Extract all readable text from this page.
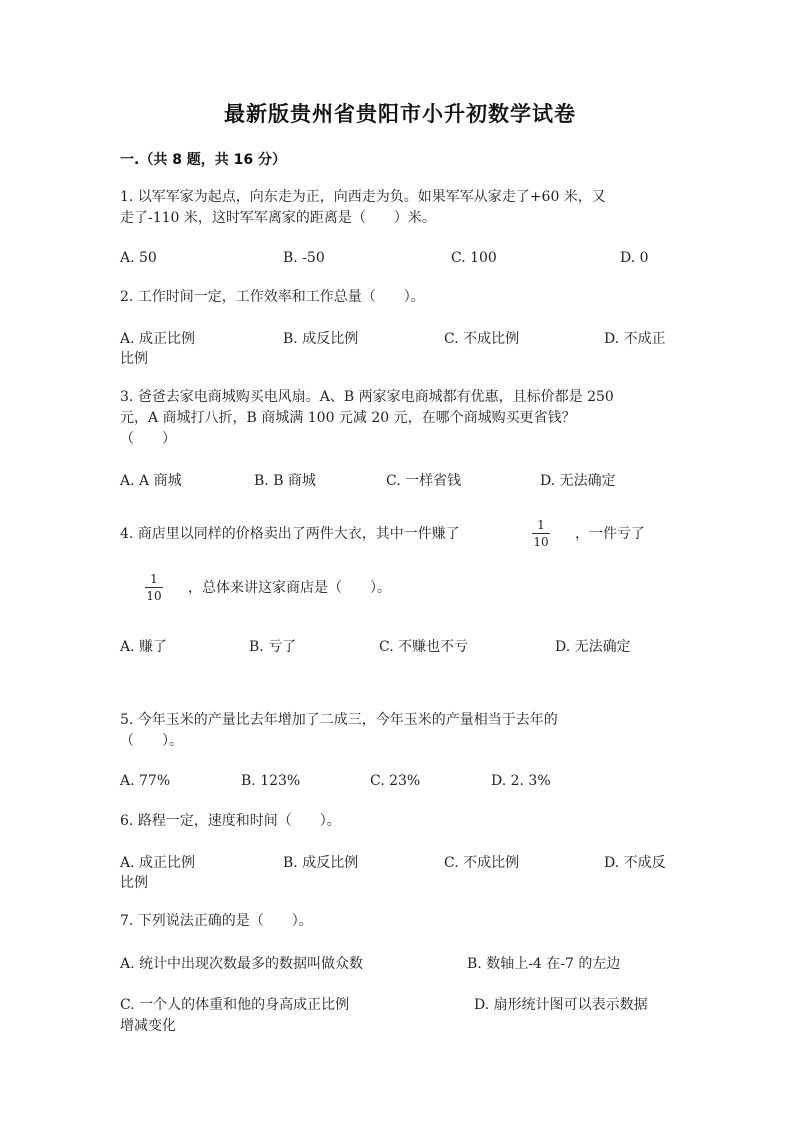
最新版贵州省贵阳市小升初数学试卷
一.（共 8 题，共 16 分）
1. 以军军家为起点，向东走为正，向西走为负。如果军军从家走了+60 米，又
走了-110 米，这时军军离家的距离是（　　）米。
A. 50	B. -50	C. 100	D. 0
2. 工作时间一定，工作效率和工作总量（　　）。
A. 成正比例	B. 成反比例	C. 不成比例	D. 不成正
比例
3. 爸爸去家电商城购买电风扇。A、B 两家家电商城都有优惠，且标价都是 250
元，A 商城打八折，B 商城满 100 元减 20 元，在哪个商城购买更省钱？
（　　）
A. A 商城	B. B 商城	C. 一样省钱	D. 无法确定
4. 商店里以同样的价格卖出了两件大衣，其中一件赚了
1
10 ，一件亏了
1
10 ，总体来讲这家商店是（　　）。
A. 赚了	B. 亏了	C. 不赚也不亏	D. 无法确定
5. 今年玉米的产量比去年增加了二成三，今年玉米的产量相当于去年的
（　　）。
A. 77%	B. 123%	C. 23%	D. 2. 3%
6. 路程一定，速度和时间（　　）。
A. 成正比例	B. 成反比例	C. 不成比例	D. 不成反
比例
7. 下列说法正确的是（　　）。
A. 统计中出现次数最多的数据叫做众数	B. 数轴上-4 在-7 的左边
C. 一个人的体重和他的身高成正比例	D. 扇形统计图可以表示数据
增减变化
